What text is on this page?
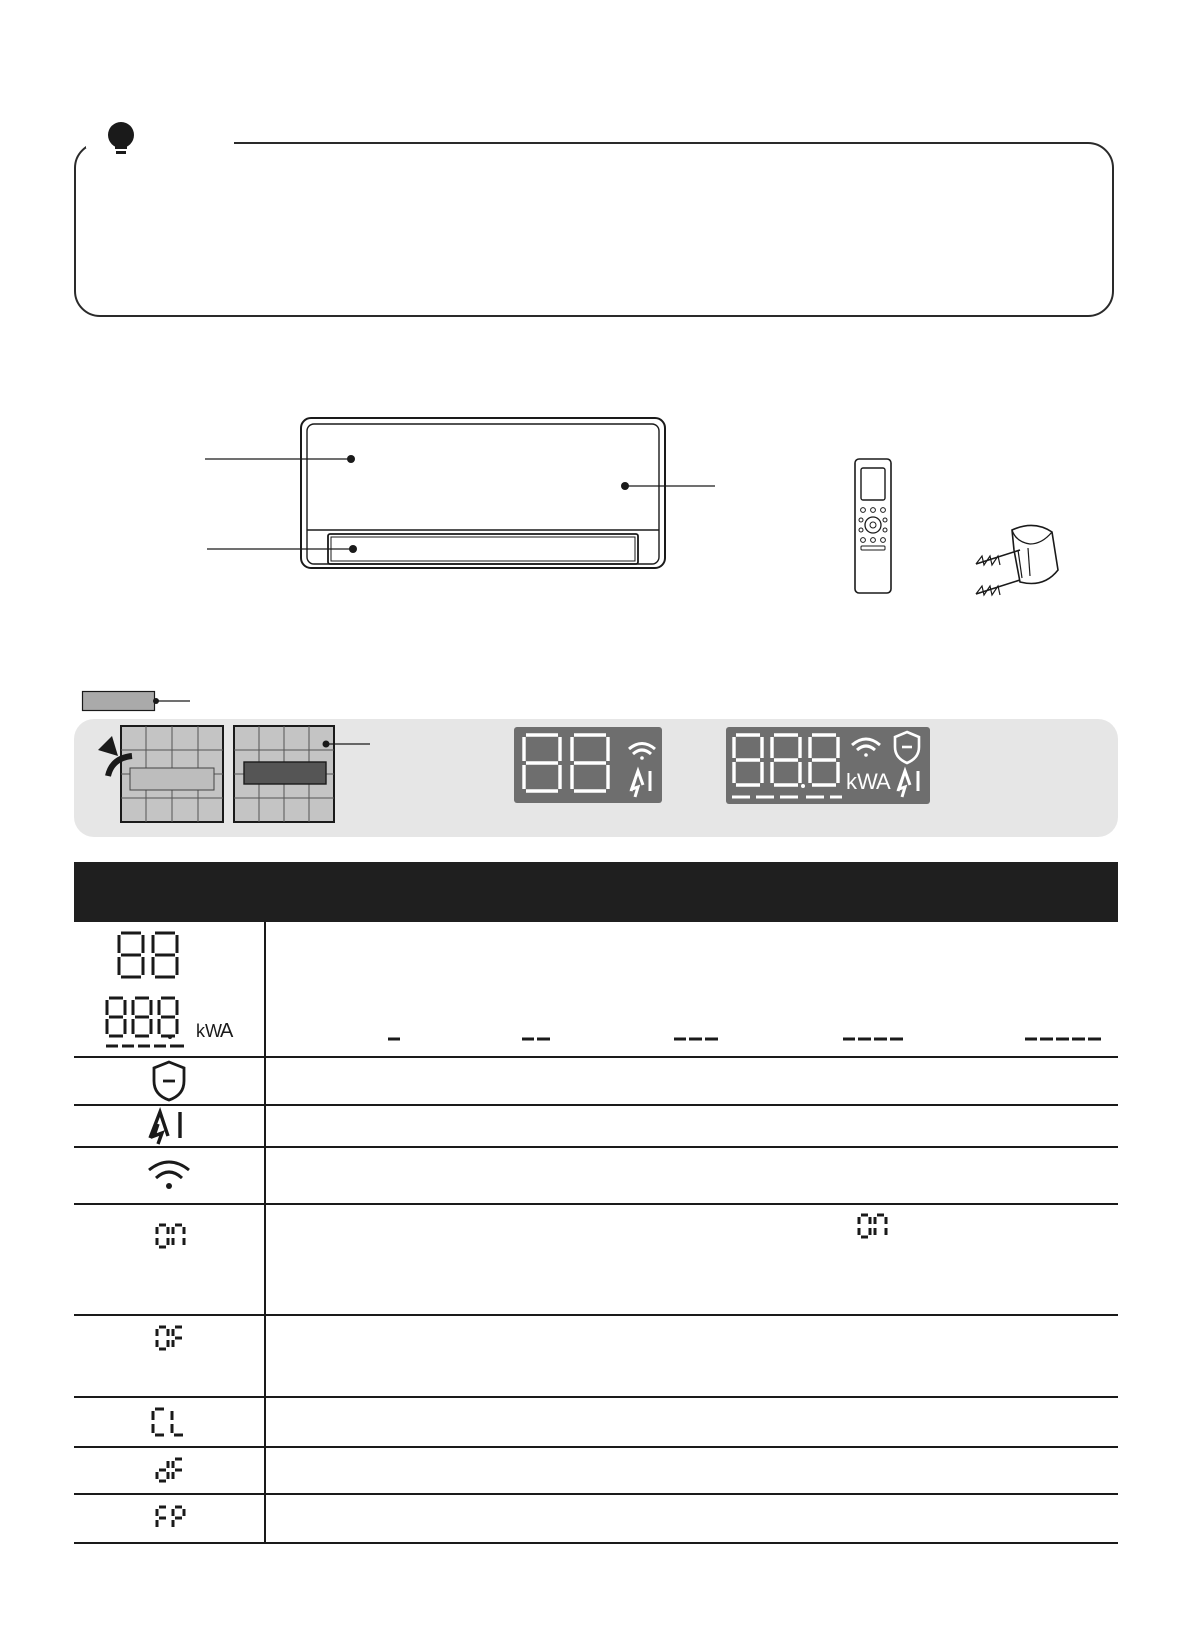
kW
A
kW
A
